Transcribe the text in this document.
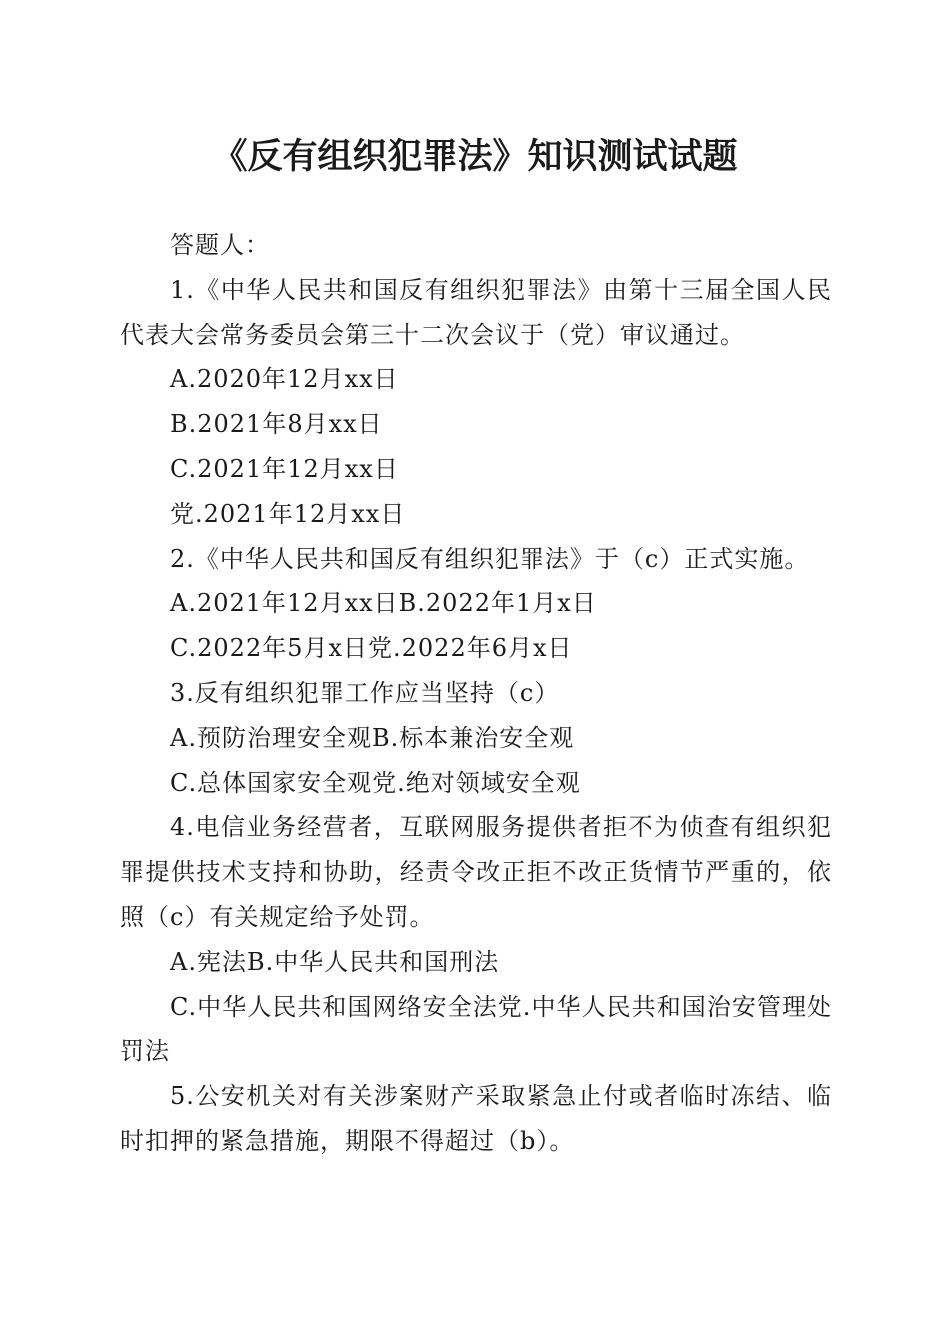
《反有组织犯罪法》知识测试试题

答题人：

1.《中华人民共和国反有组织犯罪法》由第十三届全国人民代表大会常务委员会第三十二次会议于（党）审议通过。

A.2020年12月xx日

B.2021年8月xx日

C.2021年12月xx日

党.2021年12月xx日

2.《中华人民共和国反有组织犯罪法》于（c）正式实施。

A.2021年12月xx日B.2022年1月x日

C.2022年5月x日党.2022年6月x日

3.反有组织犯罪工作应当坚持（c）

A.预防治理安全观B.标本兼治安全观

C.总体国家安全观党.绝对领域安全观

4.电信业务经营者，互联网服务提供者拒不为侦查有组织犯罪提供技术支持和协助，经责令改正拒不改正货情节严重的，依照（c）有关规定给予处罚。

A.宪法B.中华人民共和国刑法

C.中华人民共和国网络安全法党.中华人民共和国治安管理处罚法

5.公安机关对有关涉案财产采取紧急止付或者临时冻结、临时扣押的紧急措施，期限不得超过（b）。
